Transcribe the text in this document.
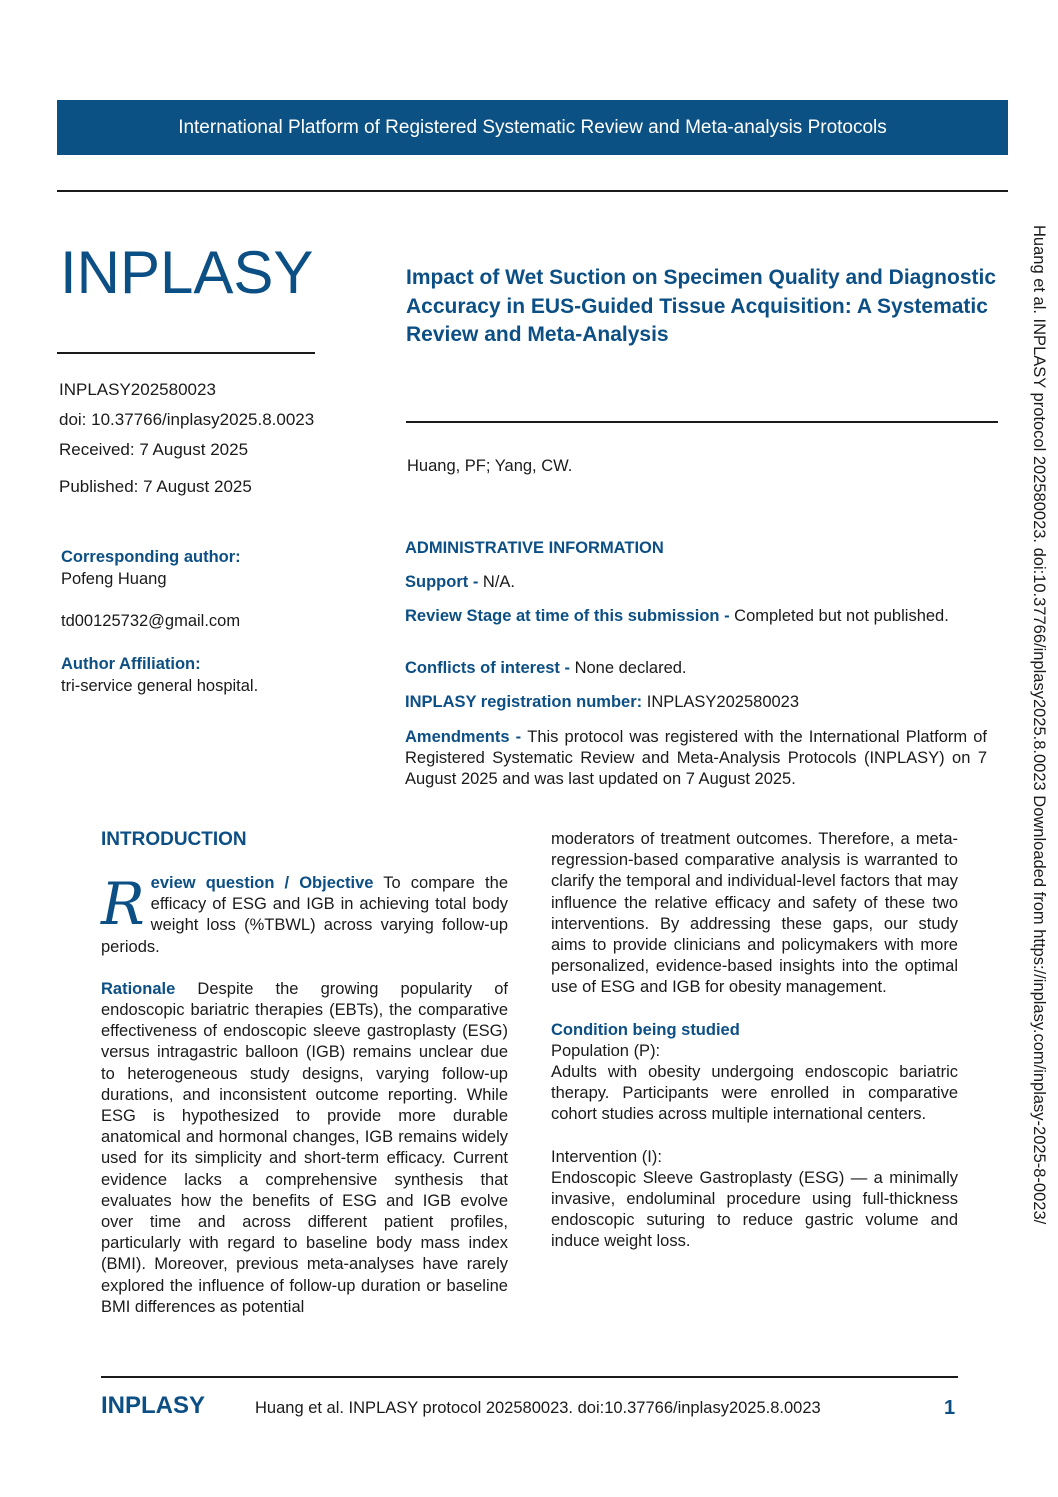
International Platform of Registered Systematic Review and Meta-analysis Protocols
INPLASY
INPLASY202580023
doi: 10.37766/inplasy2025.8.0023
Received: 7 August 2025
Published: 7 August 2025
Corresponding author:
Pofeng Huang
td00125732@gmail.com
Author Affiliation:
tri-service general hospital.
Impact of Wet Suction on Specimen Quality and Diagnostic Accuracy in EUS-Guided Tissue Acquisition: A Systematic Review and Meta-Analysis
Huang, PF; Yang, CW.
ADMINISTRATIVE INFORMATION
Support - N/A.
Review Stage at time of this submission - Completed but not published.
Conflicts of interest - None declared.
INPLASY registration number: INPLASY202580023
Amendments - This protocol was registered with the International Platform of Registered Systematic Review and Meta-Analysis Protocols (INPLASY) on 7 August 2025 and was last updated on 7 August 2025.
INTRODUCTION

Review question / Objective To compare the efficacy of ESG and IGB in achieving total body weight loss (%TBWL) across varying follow-up periods.

Rationale Despite the growing popularity of endoscopic bariatric therapies (EBTs), the comparative effectiveness of endoscopic sleeve gastroplasty (ESG) versus intragastric balloon (IGB) remains unclear due to heterogeneous study designs, varying follow-up durations, and inconsistent outcome reporting. While ESG is hypothesized to provide more durable anatomical and hormonal changes, IGB remains widely used for its simplicity and short-term efficacy. Current evidence lacks a comprehensive synthesis that evaluates how the benefits of ESG and IGB evolve over time and across different patient profiles, particularly with regard to baseline body mass index (BMI). Moreover, previous meta-analyses have rarely explored the influence of follow-up duration or baseline BMI differences as potential

moderators of treatment outcomes. Therefore, a meta-regression-based comparative analysis is warranted to clarify the temporal and individual-level factors that may influence the relative efficacy and safety of these two interventions. By addressing these gaps, our study aims to provide clinicians and policymakers with more personalized, evidence-based insights into the optimal use of ESG and IGB for obesity management.

Condition being studied

Population (P):

Adults with obesity undergoing endoscopic bariatric therapy. Participants were enrolled in comparative cohort studies across multiple international centers.

Intervention (I):

Endoscopic Sleeve Gastroplasty (ESG) — a minimally invasive, endoluminal procedure using full-thickness endoscopic suturing to reduce gastric volume and induce weight loss.

Huang et al. INPLASY protocol 202580023. doi:10.37766/inplasy2025.8.0023 Downloaded from https://inplasy.com/inplasy-2025-8-0023/
INPLASY	Huang et al. INPLASY protocol 202580023. doi:10.37766/inplasy2025.8.0023	1
